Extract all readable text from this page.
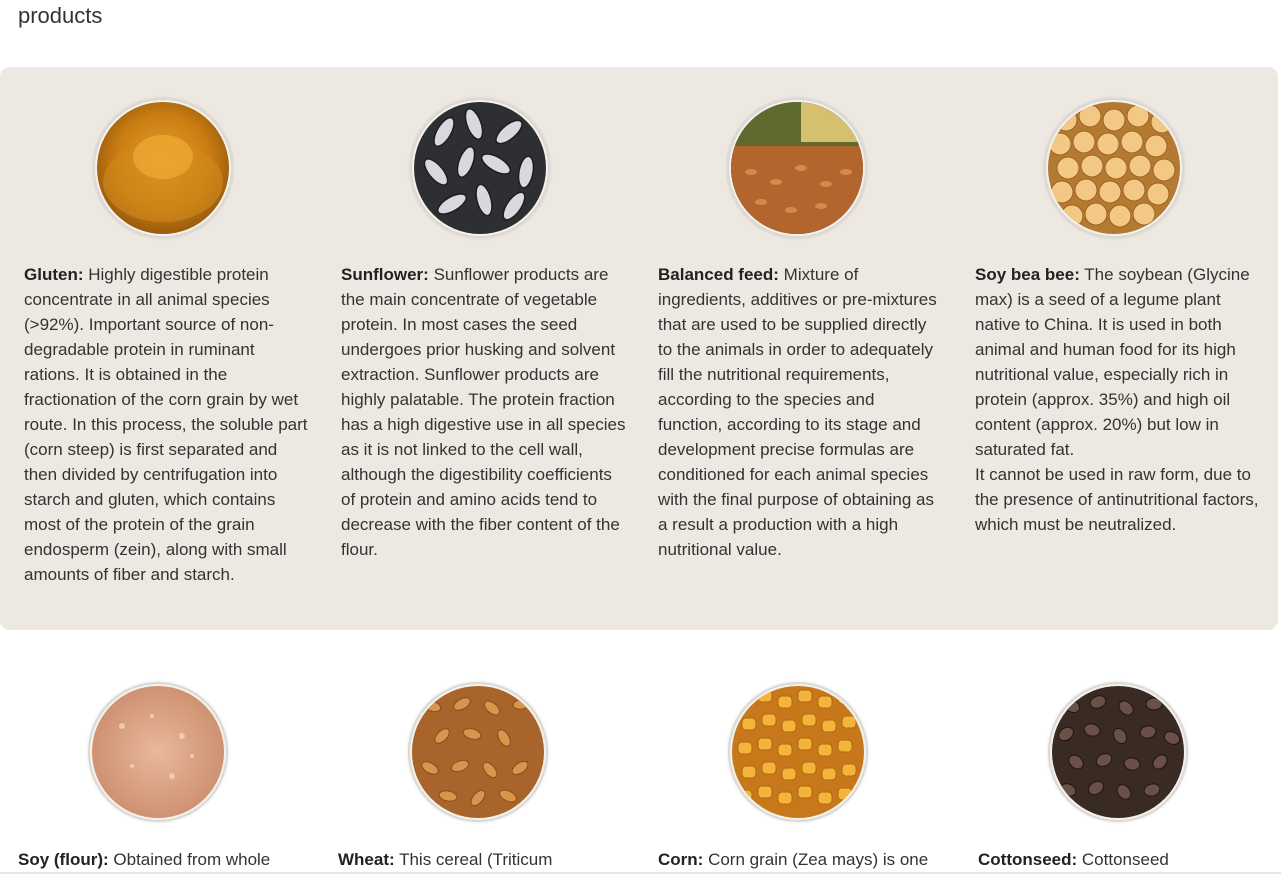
products

Gluten: Highly digestible protein concentrate in all animal species (>92%). Important source of non-degradable protein in ruminant rations. It is obtained in the fractionation of the corn grain by wet route. In this process, the soluble part (corn steep) is first separated and then divided by centrifugation into starch and gluten, which contains most of the protein of the grain endosperm (zein), along with small amounts of fiber and starch.

Sunflower: Sunflower products are the main concentrate of vegetable protein. In most cases the seed undergoes prior husking and solvent extraction. Sunflower products are highly palatable. The protein fraction has a high digestive use in all species as it is not linked to the cell wall, although the digestibility coefficients of protein and amino acids tend to decrease with the fiber content of the flour.

Balanced feed: Mixture of ingredients, additives or pre-mixtures that are used to be supplied directly to the animals in order to adequately fill the nutritional requirements, according to the species and function, according to its stage and development precise formulas are conditioned for each animal species with the final purpose of obtaining as a result a production with a high nutritional value.

Soy bea bee: The soybean (Glycine max) is a seed of a legume plant native to China. It is used in both animal and human food for its high nutritional value, especially rich in protein (approx. 35%) and high oil content (approx. 20%) but low in saturated fat.
It cannot be used in raw form, due to the presence of antinutritional factors, which must be neutralized.

Soy (flour): Obtained from whole	Wheat: This cereal (Triticum	Corn: Corn grain (Zea mays) is one	Cottonseed: Cottonseed
